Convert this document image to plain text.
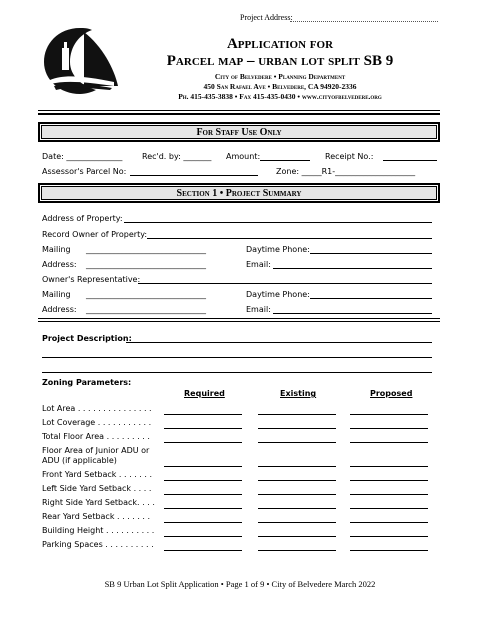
Project Address:
Application for
Parcel map – urban lot split SB 9
City of Belvedere • Planning Department
450 San Rafael Ave • Belvedere, CA 94920-2336
Ph. 415-435-3838 • Fax 415-435-0430 • www.cityofbelvedere.org
For Staff Use Only
Date: ______________ Rec'd. by: _______ Amount:	Receipt No.:
Assessor's Parcel No:	Zone: _____R1-____________________
Section 1 • Project Summary
Address of Property:
Record Owner of Property:
Mailing ______________________________	Daytime Phone:
Address: ______________________________	Email:
Owner's Representative:
Mailing ______________________________	Daytime Phone:
Address: ______________________________	Email:
Project Description:
Zoning Parameters:
Required	Existing	Proposed
Lot Area . . . . . . . . . . . . . . .
Lot Coverage . . . . . . . . . . .
Total Floor Area . . . . . . . . .
Floor Area of Junior ADU or
ADU (if applicable)
Front Yard Setback . . . . . . .
Left Side Yard Setback . . . .
Right Side Yard Setback. . . .
Rear Yard Setback . . . . . . .
Building Height . . . . . . . . . .
Parking Spaces . . . . . . . . . .
SB 9 Urban Lot Split Application • Page 1 of 9 • City of Belvedere March 2022
